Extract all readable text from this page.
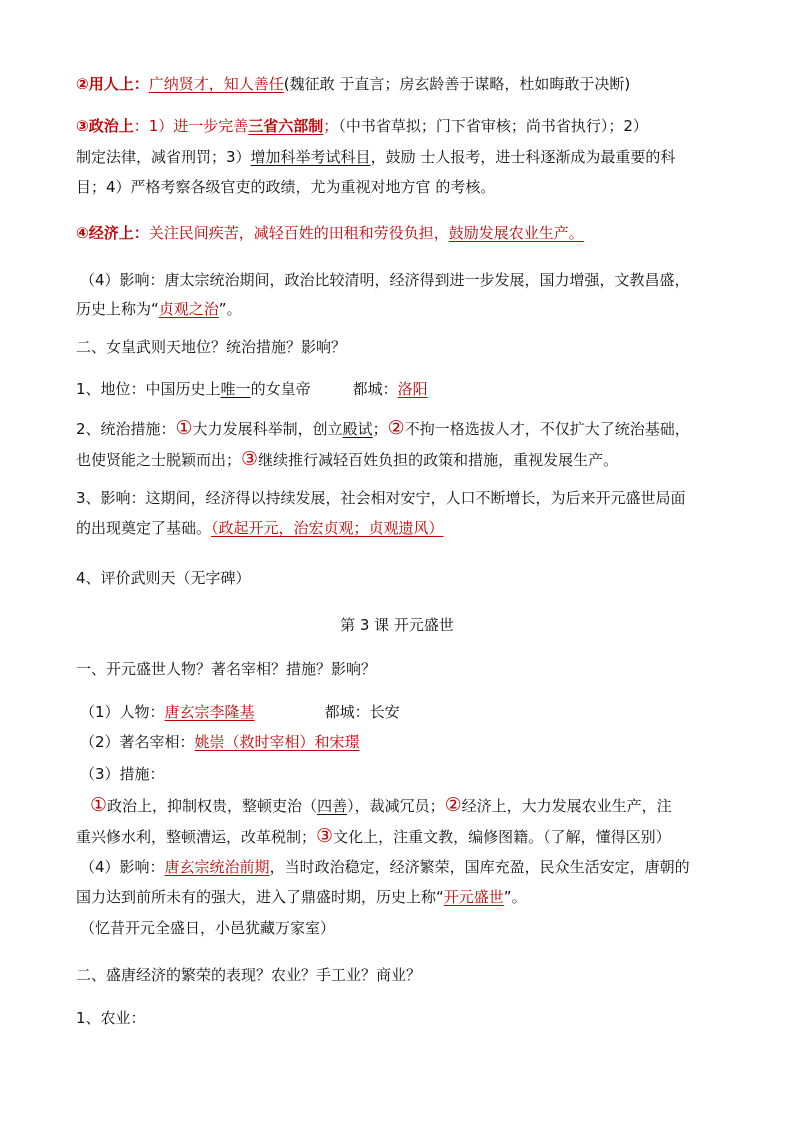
②用人上：广纳贤才，知人善任(魏征敢 于直言；房玄龄善于谋略，杜如晦敢于决断)
③政治上：1）进一步完善三省六部制；（中书省草拟；门下省审核；尚书省执行）；2）
制定法律，减省刑罚；3）增加科举考试科目，鼓励 士人报考，进士科逐渐成为最重要的科
目；4）严格考察各级官吏的政绩，尤为重视对地方官 的考核。
④经济上：关注民间疾苦，减轻百姓的田租和劳役负担，鼓励发展农业生产。
（4）影响：唐太宗统治期间，政治比较清明，经济得到进一步发展，国力增强，文教昌盛，
历史上称为“贞观之治”。
二、女皇武则天地位？统治措施？影响？
1、地位：中国历史上唯一的女皇帝	都城：洛阳
2、统治措施：①大力发展科举制，创立殿试；②不拘一格选拔人才，不仅扩大了统治基础，
也使贤能之士脱颖而出；③继续推行减轻百姓负担的政策和措施，重视发展生产。
3、影响：这期间，经济得以持续发展，社会相对安宁，人口不断增长，为后来开元盛世局面
的出现奠定了基础。（政起开元，治宏贞观；贞观遗风）
4、评价武则天（无字碑）
第 3 课 开元盛世
一、开元盛世人物？著名宰相？措施？影响？
（1）人物：唐玄宗李隆基	都城：长安
（2）著名宰相：姚崇（救时宰相）和宋璟
（3）措施：
①政治上，抑制权贵，整顿吏治（四善），裁减冗员；②经济上，大力发展农业生产，注
重兴修水利，整顿漕运，改革税制；③文化上，注重文教，编修图籍。（了解，懂得区别）
（4）影响：唐玄宗统治前期，当时政治稳定，经济繁荣，国库充盈，民众生活安定，唐朝的
国力达到前所未有的强大，进入了鼎盛时期，历史上称“开元盛世”。
（忆昔开元全盛日，小邑犹藏万家室）
二、盛唐经济的繁荣的表现？农业？手工业？商业？
1、农业：
